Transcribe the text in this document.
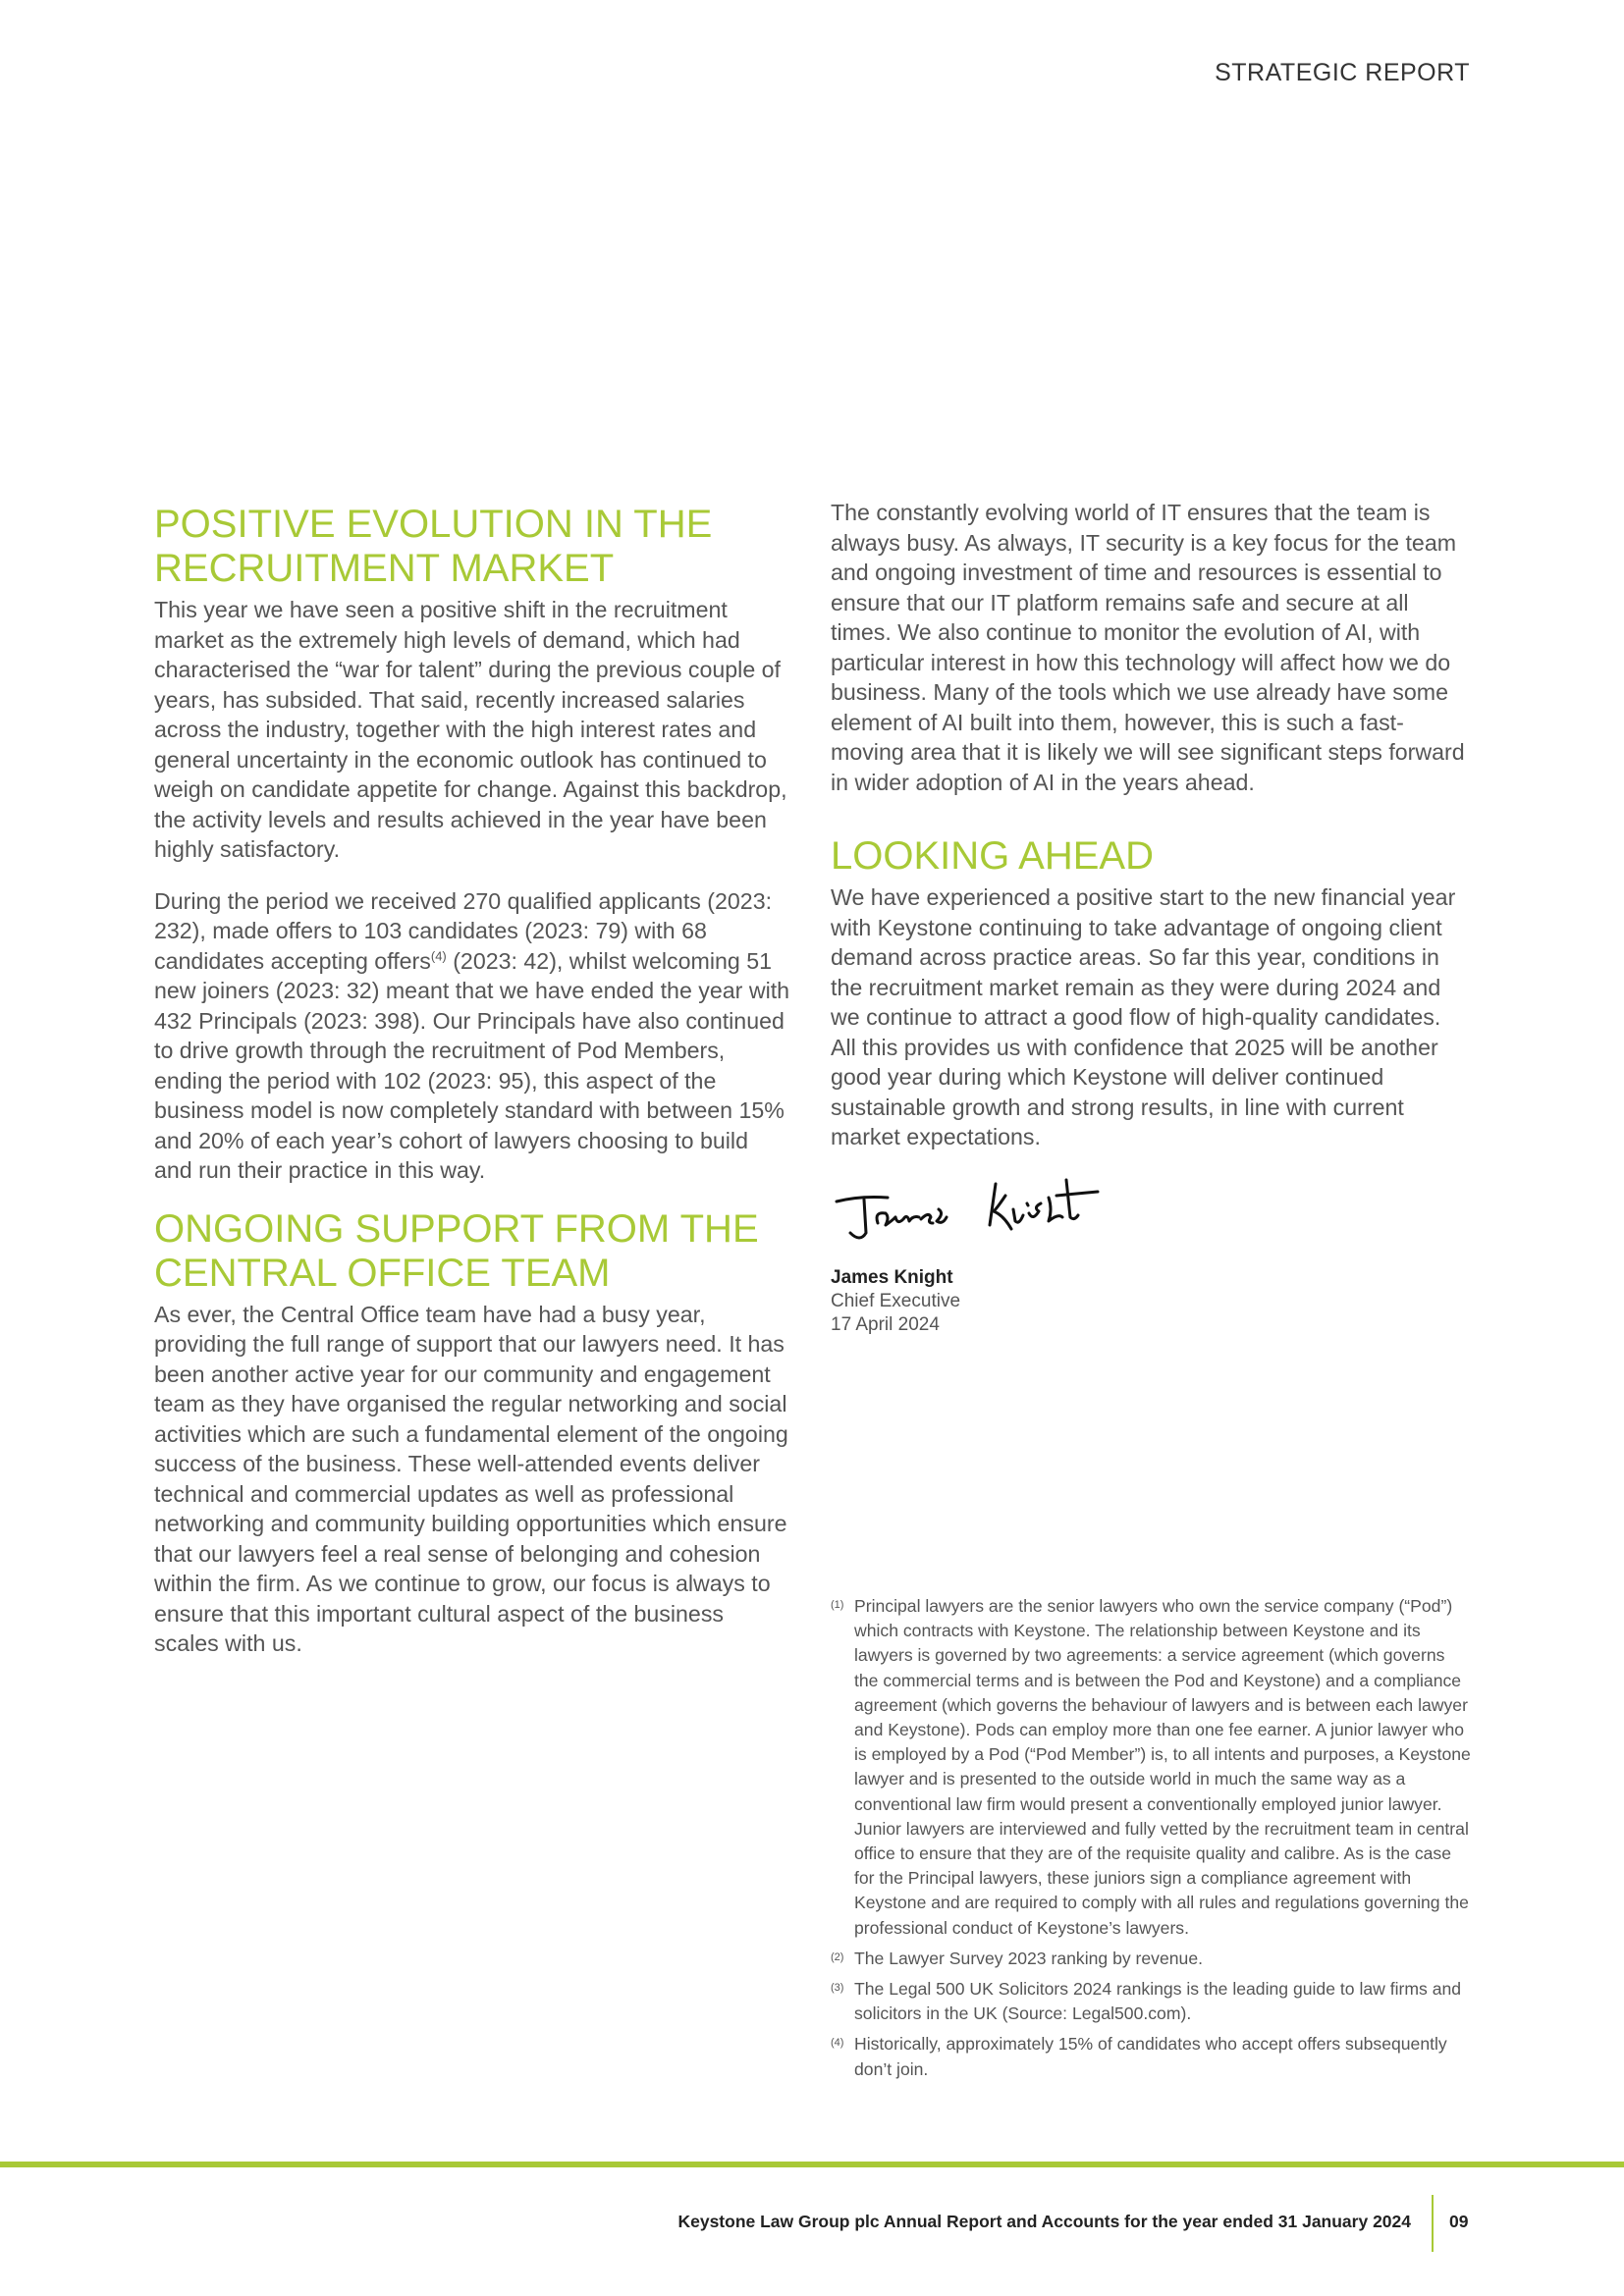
STRATEGIC REPORT
POSITIVE EVOLUTION IN THE RECRUITMENT MARKET

This year we have seen a positive shift in the recruitment market as the extremely high levels of demand, which had characterised the “war for talent” during the previous couple of years, has subsided. That said, recently increased salaries across the industry, together with the high interest rates and general uncertainty in the economic outlook has continued to weigh on candidate appetite for change. Against this backdrop, the activity levels and results achieved in the year have been highly satisfactory.

During the period we received 270 qualified applicants (2023: 232), made offers to 103 candidates (2023: 79) with 68 candidates accepting offers$^{(4)}$ (2023: 42), whilst welcoming 51 new joiners (2023: 32) meant that we have ended the year with 432 Principals (2023: 398). Our Principals have also continued to drive growth through the recruitment of Pod Members, ending the period with 102 (2023: 95), this aspect of the business model is now completely standard with between 15% and 20% of each year’s cohort of lawyers choosing to build and run their practice in this way.

ONGOING SUPPORT FROM THE CENTRAL OFFICE TEAM

As ever, the Central Office team have had a busy year, providing the full range of support that our lawyers need. It has been another active year for our community and engagement team as they have organised the regular networking and social activities which are such a fundamental element of the ongoing success of the business. These well-attended events deliver technical and commercial updates as well as professional networking and community building opportunities which ensure that our lawyers feel a real sense of belonging and cohesion within the firm. As we continue to grow, our focus is always to ensure that this important cultural aspect of the business scales with us.

The constantly evolving world of IT ensures that the team is always busy. As always, IT security is a key focus for the team and ongoing investment of time and resources is essential to ensure that our IT platform remains safe and secure at all times. We also continue to monitor the evolution of AI, with particular interest in how this technology will affect how we do business. Many of the tools which we use already have some element of AI built into them, however, this is such a fast-moving area that it is likely we will see significant steps forward in wider adoption of AI in the years ahead.

LOOKING AHEAD

We have experienced a positive start to the new financial year with Keystone continuing to take advantage of ongoing client demand across practice areas. So far this year, conditions in the recruitment market remain as they were during 2024 and we continue to attract a good flow of high-quality candidates. All this provides us with confidence that 2025 will be another good year during which Keystone will deliver continued sustainable growth and strong results, in line with current market expectations.

James Knight
Chief Executive
17 April 2024
(1) Principal lawyers are the senior lawyers who own the service company (“Pod”) which contracts with Keystone. The relationship between Keystone and its lawyers is governed by two agreements: a service agreement (which governs the commercial terms and is between the Pod and Keystone) and a compliance agreement (which governs the behaviour of lawyers and is between each lawyer and Keystone). Pods can employ more than one fee earner. A junior lawyer who is employed by a Pod (“Pod Member”) is, to all intents and purposes, a Keystone lawyer and is presented to the outside world in much the same way as a conventional law firm would present a conventionally employed junior lawyer. Junior lawyers are interviewed and fully vetted by the recruitment team in central office to ensure that they are of the requisite quality and calibre. As is the case for the Principal lawyers, these juniors sign a compliance agreement with Keystone and are required to comply with all rules and regulations governing the professional conduct of Keystone’s lawyers.
(2) The Lawyer Survey 2023 ranking by revenue.
(3) The Legal 500 UK Solicitors 2024 rankings is the leading guide to law firms and solicitors in the UK (Source: Legal500.com).
(4) Historically, approximately 15% of candidates who accept offers subsequently don’t join.
Keystone Law Group plc Annual Report and Accounts for the year ended 31 January 2024 09
